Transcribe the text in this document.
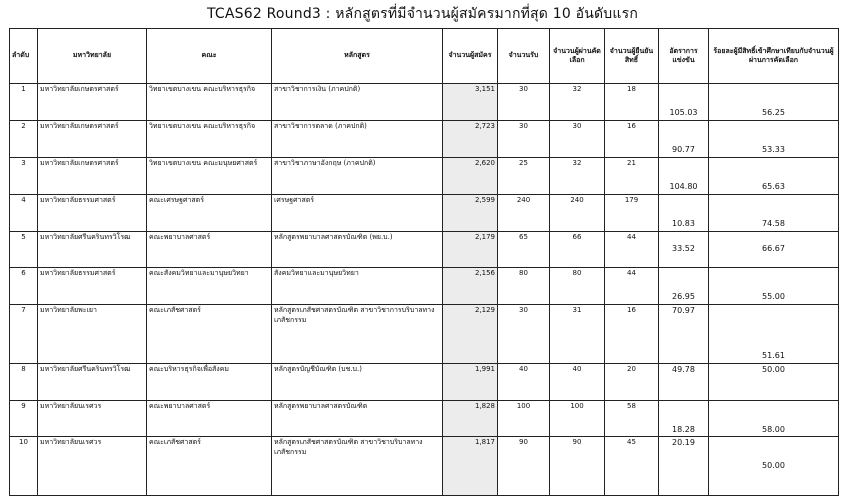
TCAS62 Round3 : หลักสูตรที่มีจำนวนผู้สมัครมากที่สุด 10 อันดับแรก
ลำดับ	มหาวิทยาลัย	คณะ	หลักสูตร	จำนวนผู้สมัคร	จำนวนรับ	จำนวนผู้ผ่านคัดเลือก	จำนวนผู้ยืนยันสิทธิ์	อัตราการแข่งขัน	ร้อยละผู้มีสิทธิ์เข้าศึกษาเทียบกับจำนวนผู้ผ่านการคัดเลือก
1	มหาวิทยาลัยเกษตรศาสตร์	วิทยาเขตบางเขน คณะบริหารธุรกิจ	สาขาวิชาการเงิน (ภาคปกติ)	3,151	30	32	18	105.03	56.25
2	มหาวิทยาลัยเกษตรศาสตร์	วิทยาเขตบางเขน คณะบริหารธุรกิจ	สาขาวิชาการตลาด (ภาคปกติ)	2,723	30	30	16	90.77	53.33
3	มหาวิทยาลัยเกษตรศาสตร์	วิทยาเขตบางเขน คณะมนุษยศาสตร์	สาขาวิชาภาษาอังกฤษ (ภาคปกติ)	2,620	25	32	21	104.80	65.63
4	มหาวิทยาลัยธรรมศาสตร์	คณะเศรษฐศาสตร์	เศรษฐศาสตร์	2,599	240	240	179	10.83	74.58
5	มหาวิทยาลัยศรีนครินทรวิโรฒ	คณะพยาบาลศาสตร์	หลักสูตรพยาบาลศาสตรบัณฑิต (พย.บ.)	2,179	65	66	44	33.52	66.67
6	มหาวิทยาลัยธรรมศาสตร์	คณะสังคมวิทยาและมานุษยวิทยา	สังคมวิทยาและมานุษยวิทยา	2,156	80	80	44	26.95	55.00
7	มหาวิทยาลัยพะเยา	คณะเภสัชศาสตร์	หลักสูตรเภสัชศาสตรบัณฑิต สาขาวิชาการบริบาลทางเภสัชกรรม	2,129	30	31	16	70.97	51.61
8	มหาวิทยาลัยศรีนครินทรวิโรฒ	คณะบริหารธุรกิจเพื่อสังคม	หลักสูตรบัญชีบัณฑิต (บช.บ.)	1,991	40	40	20	49.78	50.00
9	มหาวิทยาลัยนเรศวร	คณะพยาบาลศาสตร์	หลักสูตรพยาบาลศาสตรบัณฑิต	1,828	100	100	58	18.28	58.00
10	มหาวิทยาลัยนเรศวร	คณะเภสัชศาสตร์	หลักสูตรเภสัชศาสตรบัณฑิต สาขาวิชาบริบาลทางเภสัชกรรม	1,817	90	90	45	20.19	50.00
